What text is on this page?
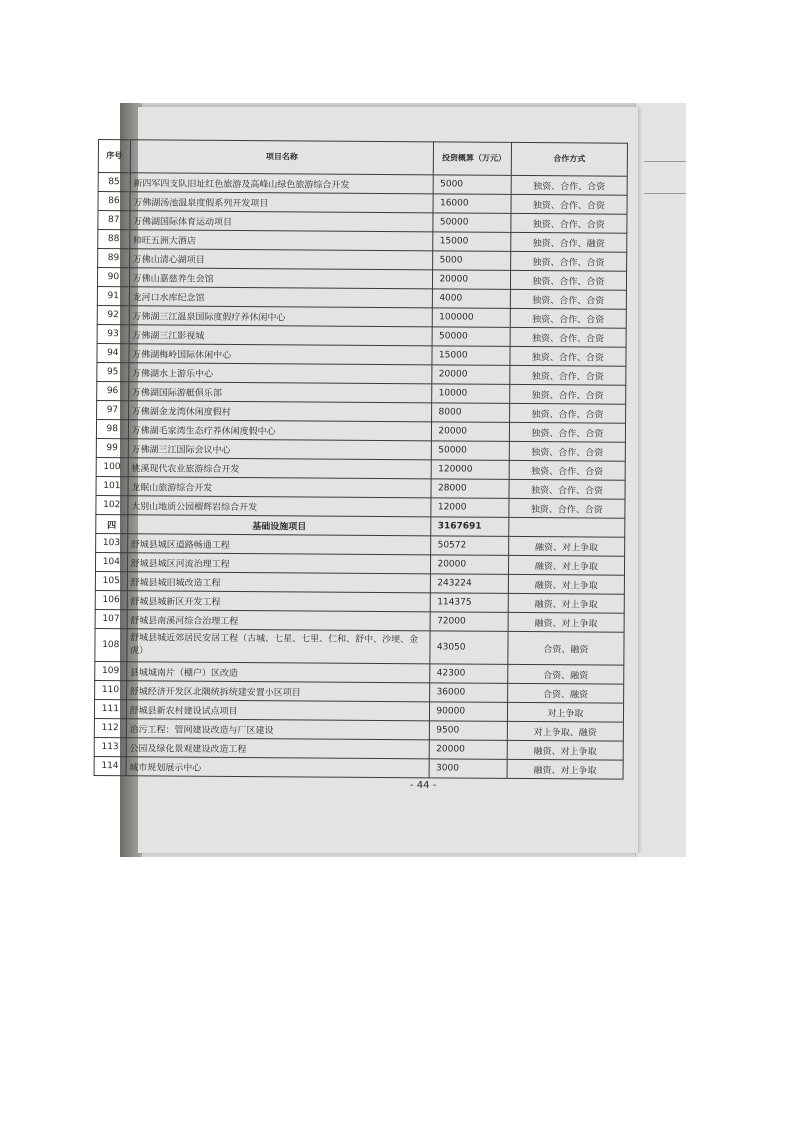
序号	项目名称	投资概算（万元）	合作方式
85	新四军四支队旧址红色旅游及高峰山绿色旅游综合开发	5000	独资、合作、合资
86	万佛湖汤池温泉度假系列开发项目	16000	独资、合作、合资
87	万佛湖国际体育运动项目	50000	独资、合作、合资
88	帅旺五洲大酒店	15000	独资、合作、融资
89	万佛山清心湖项目	5000	独资、合作、合资
90	万佛山嘉慈养生会馆	20000	独资、合作、合资
91	龙河口水库纪念馆	4000	独资、合作、合资
92	万佛湖三江温泉国际度假疗养休闲中心	100000	独资、合作、合资
93	万佛湖三江影视城	50000	独资、合作、合资
94	万佛湖梅岭国际休闲中心	15000	独资、合作、合资
95	万佛湖水上游乐中心	20000	独资、合作、合资
96	万佛湖国际游艇俱乐部	10000	独资、合作、合资
97	万佛湖金龙湾休闲度假村	8000	独资、合作、合资
98	万佛湖毛家湾生态疗养休闲度假中心	20000	独资、合作、合资
99	万佛湖三江国际会议中心	50000	独资、合作、合资
100	桃溪现代农业旅游综合开发	120000	独资、合作、合资
101	龙眠山旅游综合开发	28000	独资、合作、合资
102	大别山地质公园榴辉岩综合开发	12000	独资、合作、合资
四	基础设施项目	3167691	
103	舒城县城区道路畅通工程	50572	融资、对上争取
104	舒城县城区河流治理工程	20000	融资、对上争取
105	舒城县城旧城改造工程	243224	融资、对上争取
106	舒城县城新区开发工程	114375	融资、对上争取
107	舒城县南溪河综合治理工程	72000	融资、对上争取
108	舒城县城近郊居民安居工程（古城、七星、七里、仁和、舒中、沙埂、金虎）	43050	合资、融资
109	县城城南片（棚户）区改造	42300	合资、融资
110	舒城经济开发区北隅统拆统建安置小区项目	36000	合资、融资
111	舒城县新农村建设试点项目	90000	对上争取
112	治污工程：管网建设改造与厂区建设	9500	对上争取、融资
113	公园及绿化景观建设改造工程	20000	融资、对上争取
114	城市规划展示中心	3000	融资、对上争取
- 44 -
